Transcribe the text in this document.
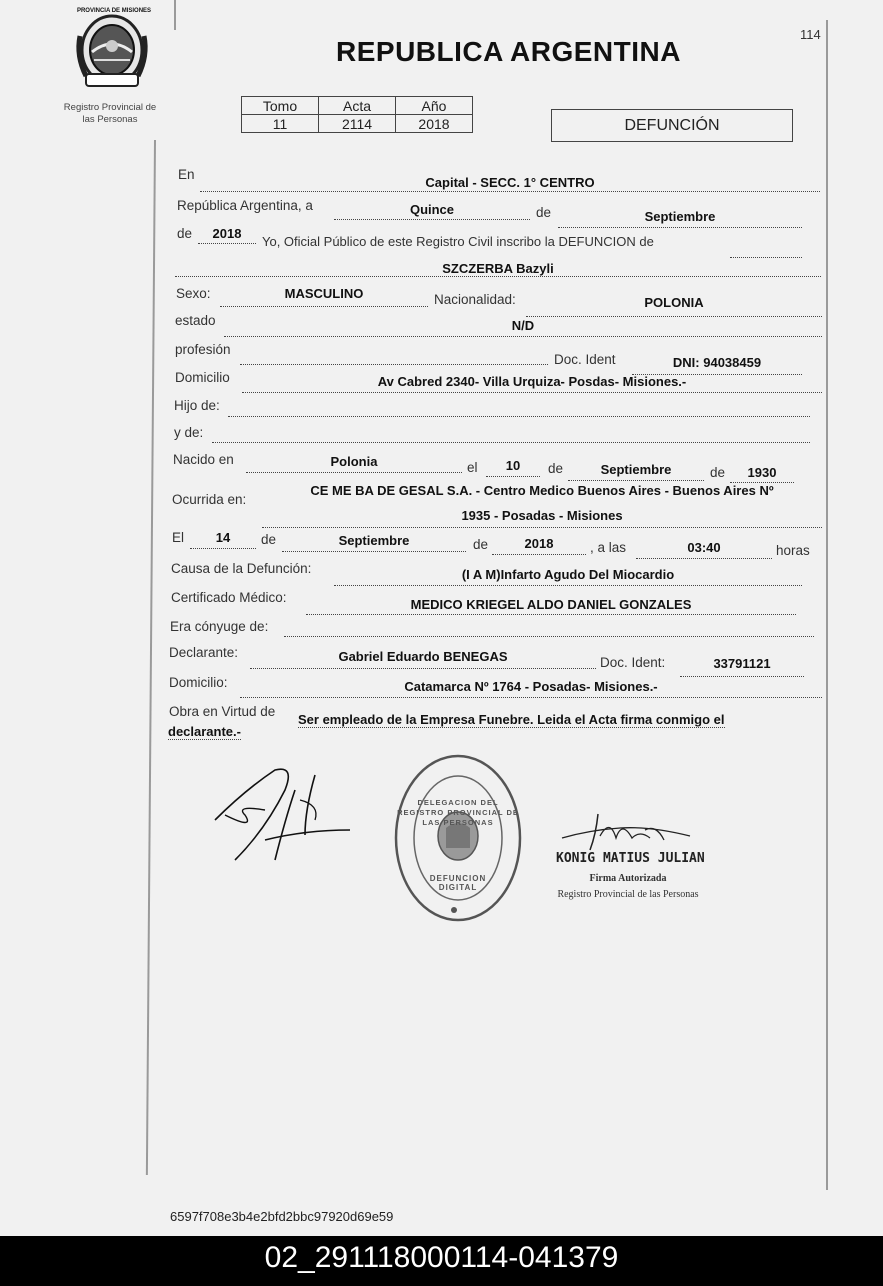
PROVINCIA DE MISIONES
Registro Provincial de
las Personas
114
REPUBLICA ARGENTINA
Tomo	Acta	Año
11	2114	2018	DEFUNCIÓN
En
Capital - SECC. 1° CENTRO
República Argentina, a	Quince	de	Septiembre
de	2018
Yo, Oficial Público de este Registro Civil inscribo la DEFUNCION de
SZCZERBA Bazyli
Sexo:	MASCULINO	Nacionalidad:	POLONIA
estado	N/D
profesión
Doc. Ident	DNI: 94038459
Domicilio	Av Cabred 2340- Villa Urquiza- Posdas- Misiones.-
Hijo de:
y de:
Nacido en	Polonia	el	10	de	Septiembre	de	1930
Ocurrida en:
CE ME BA DE GESAL S.A. - Centro Medico Buenos Aires - Buenos Aires Nº
1935 - Posadas - Misiones
El	14	de	Septiembre	de	2018	, a las	03:40	horas
Causa de la Defunción:	(I A M)Infarto Agudo Del Miocardio
Certificado Médico:	MEDICO KRIEGEL ALDO DANIEL GONZALES
Era cónyuge de:
Declarante:	Gabriel Eduardo BENEGAS	Doc. Ident:	33791121
Domicilio:	Catamarca Nº 1764 - Posadas- Misiones.-
Obra en Virtud de
Ser empleado de la Empresa Funebre. Leida el Acta firma conmigo el
declarante.-
DELEGACION DEL REGISTRO PROVINCIAL DE LAS PERSONAS
DEFUNCION DIGITAL
KONIG MATIUS JULIAN
Firma Autorizada
Registro Provincial de las Personas
6597f708e3b4e2bfd2bbc97920d69e59
02_291118000114-041379
